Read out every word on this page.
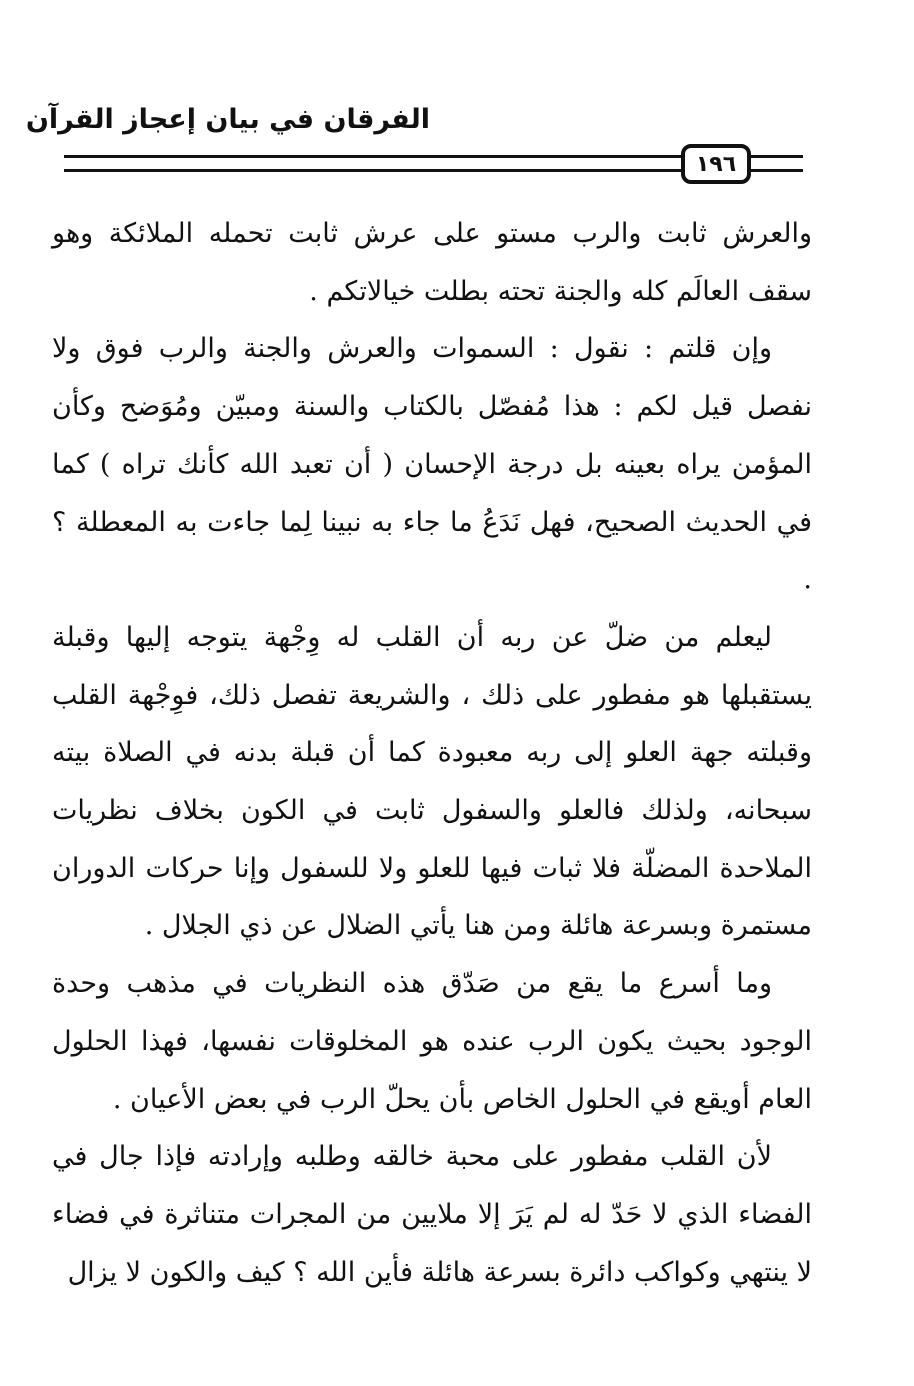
الفرقان في بيان إعجاز القرآن
١٩٦

والعرش ثابت والرب مستو على عرش ثابت تحمله الملائكة وهو سقف العالَم كله والجنة تحته بطلت خيالاتكم .

وإن قلتم : نقول : السموات والعرش والجنة والرب فوق ولا نفصل قيل لكم : هذا مُفصّل بالكتاب والسنة ومبيّن ومُوَضح وكأن المؤمن يراه بعينه بل درجة الإحسان ( أن تعبد الله كأنك تراه ) كما في الحديث الصحيح، فهل نَدَعُ ما جاء به نبينا لِما جاءت به المعطلة ؟ .

ليعلم من ضلّ عن ربه أن القلب له وِجْهة يتوجه إليها وقبلة يستقبلها هو مفطور على ذلك ، والشريعة تفصل ذلك، فوِجْهة القلب وقبلته جهة العلو إلى ربه معبودة كما أن قبلة بدنه في الصلاة بيته سبحانه، ولذلك فالعلو والسفول ثابت في الكون بخلاف نظريات الملاحدة المضلّة فلا ثبات فيها للعلو ولا للسفول وإنا حركات الدوران مستمرة وبسرعة هائلة ومن هنا يأتي الضلال عن ذي الجلال .

وما أسرع ما يقع من صَدّق هذه النظريات في مذهب وحدة الوجود بحيث يكون الرب عنده هو المخلوقات نفسها، فهذا الحلول العام أويقع في الحلول الخاص بأن يحلّ الرب في بعض الأعيان .

لأن القلب مفطور على محبة خالقه وطلبه وإرادته فإذا جال في الفضاء الذي لا حَدّ له لم يَرَ إلا ملايين من المجرات متناثرة في فضاء لا ينتهي وكواكب دائرة بسرعة هائلة فأين الله ؟ كيف والكون لا يزال
